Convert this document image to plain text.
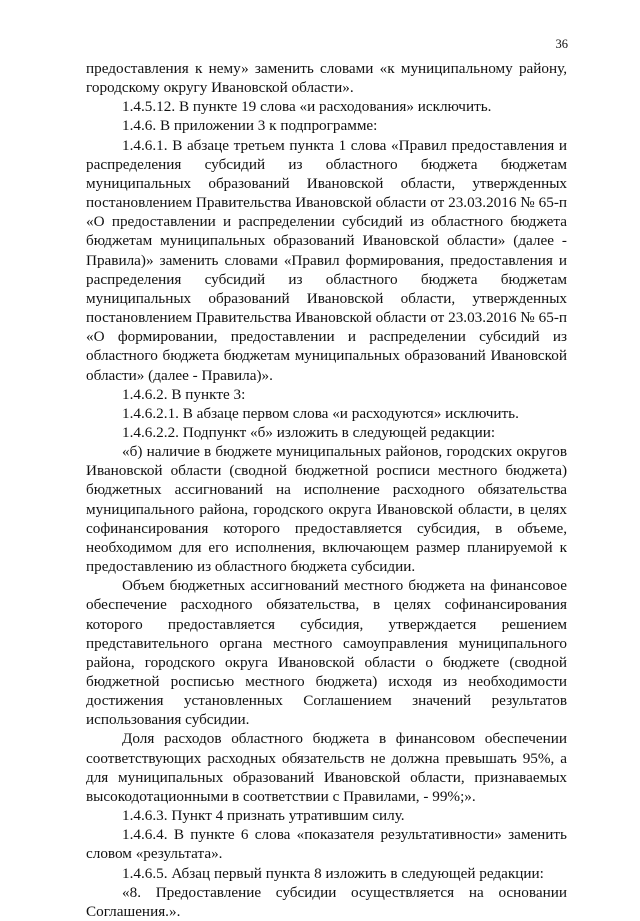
36

предоставления к нему» заменить словами «к муниципальному району, городскому округу Ивановской области».

1.4.5.12. В пункте 19 слова «и расходования» исключить.

1.4.6. В приложении 3 к подпрограмме:

1.4.6.1. В абзаце третьем пункта 1 слова «Правил предоставления и распределения субсидий из областного бюджета бюджетам муниципальных образований Ивановской области, утвержденных постановлением Правительства Ивановской области от 23.03.2016 № 65-п «О предоставлении и распределении субсидий из областного бюджета бюджетам муниципальных образований Ивановской области» (далее - Правила)» заменить словами «Правил формирования, предоставления и распределения субсидий из областного бюджета бюджетам муниципальных образований Ивановской области, утвержденных постановлением Правительства Ивановской области от 23.03.2016 № 65-п «О формировании, предоставлении и распределении субсидий из областного бюджета бюджетам муниципальных образований Ивановской области» (далее - Правила)».

1.4.6.2. В пункте 3:

1.4.6.2.1. В абзаце первом слова «и расходуются» исключить.

1.4.6.2.2. Подпункт «б» изложить в следующей редакции:

«б) наличие в бюджете муниципальных районов, городских округов Ивановской области (сводной бюджетной росписи местного бюджета) бюджетных ассигнований на исполнение расходного обязательства муниципального района, городского округа Ивановской области, в целях софинансирования которого предоставляется субсидия, в объеме, необходимом для его исполнения, включающем размер планируемой к предоставлению из областного бюджета субсидии.

Объем бюджетных ассигнований местного бюджета на финансовое обеспечение расходного обязательства, в целях софинансирования которого предоставляется субсидия, утверждается решением представительного органа местного самоуправления муниципального района, городского округа Ивановской области о бюджете (сводной бюджетной росписью местного бюджета) исходя из необходимости достижения установленных Соглашением значений результатов использования субсидии.

Доля расходов областного бюджета в финансовом обеспечении соответствующих расходных обязательств не должна превышать 95%, а для муниципальных образований Ивановской области, признаваемых высокодотационными в соответствии с Правилами, - 99%;».

1.4.6.3. Пункт 4 признать утратившим силу.

1.4.6.4. В пункте 6 слова «показателя результативности» заменить словом «результата».

1.4.6.5. Абзац первый пункта 8 изложить в следующей редакции:

«8. Предоставление субсидии осуществляется на основании Соглашения.».
